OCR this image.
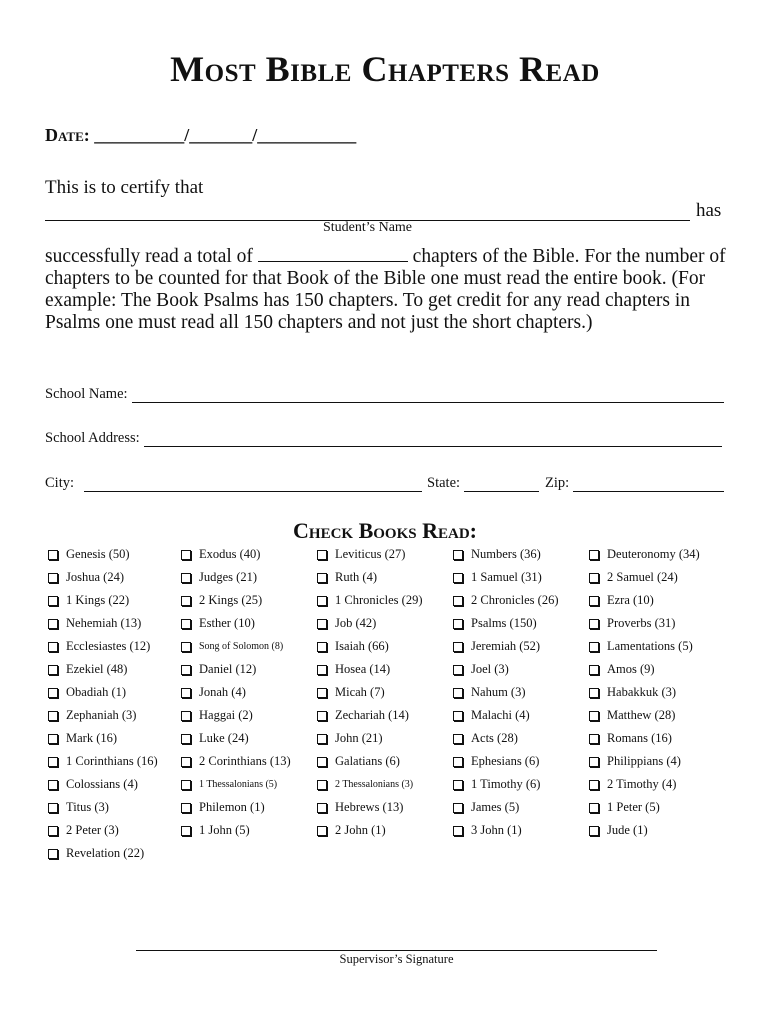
Most Bible Chapters Read
Date: __________/_______/___________
This is to certify that
has
Student’s Name
successfully read a total of	chapters of the Bible. For the number of chapters to be counted for that Book of the Bible one must read the entire book. (For example: The Book Psalms has 150 chapters. To get credit for any read chapters in Psalms one must read all 150 chapters and not just the short chapters.)
School Name:
School Address:
City:	State:	Zip:
Check Books Read:
Genesis (50)	Exodus (40)	Leviticus (27)	Numbers (36)	Deuteronomy (34)
Joshua (24)	Judges (21)	Ruth (4)	1 Samuel (31)	2 Samuel (24)
1 Kings (22)	2 Kings (25)	1 Chronicles (29)	2 Chronicles (26)	Ezra (10)
Nehemiah (13)	Esther (10)	Job (42)	Psalms (150)	Proverbs (31)
Ecclesiastes (12)	Song of Solomon (8)	Isaiah (66)	Jeremiah (52)	Lamentations (5)
Ezekiel (48)	Daniel (12)	Hosea (14)	Joel (3)	Amos (9)
Obadiah (1)	Jonah (4)	Micah (7)	Nahum (3)	Habakkuk (3)
Zephaniah (3)	Haggai (2)	Zechariah (14)	Malachi (4)	Matthew (28)
Mark (16)	Luke (24)	John (21)	Acts (28)	Romans (16)
1 Corinthians (16)	2 Corinthians (13)	Galatians (6)	Ephesians (6)	Philippians (4)
Colossians (4)	1 Thessalonians (5)	2 Thessalonians (3)	1 Timothy (6)	2 Timothy (4)
Titus (3)	Philemon (1)	Hebrews (13)	James (5)	1 Peter (5)
2 Peter (3)	1 John (5)	2 John (1)	3 John (1)	Jude (1)
Revelation (22)
Supervisor’s Signature
